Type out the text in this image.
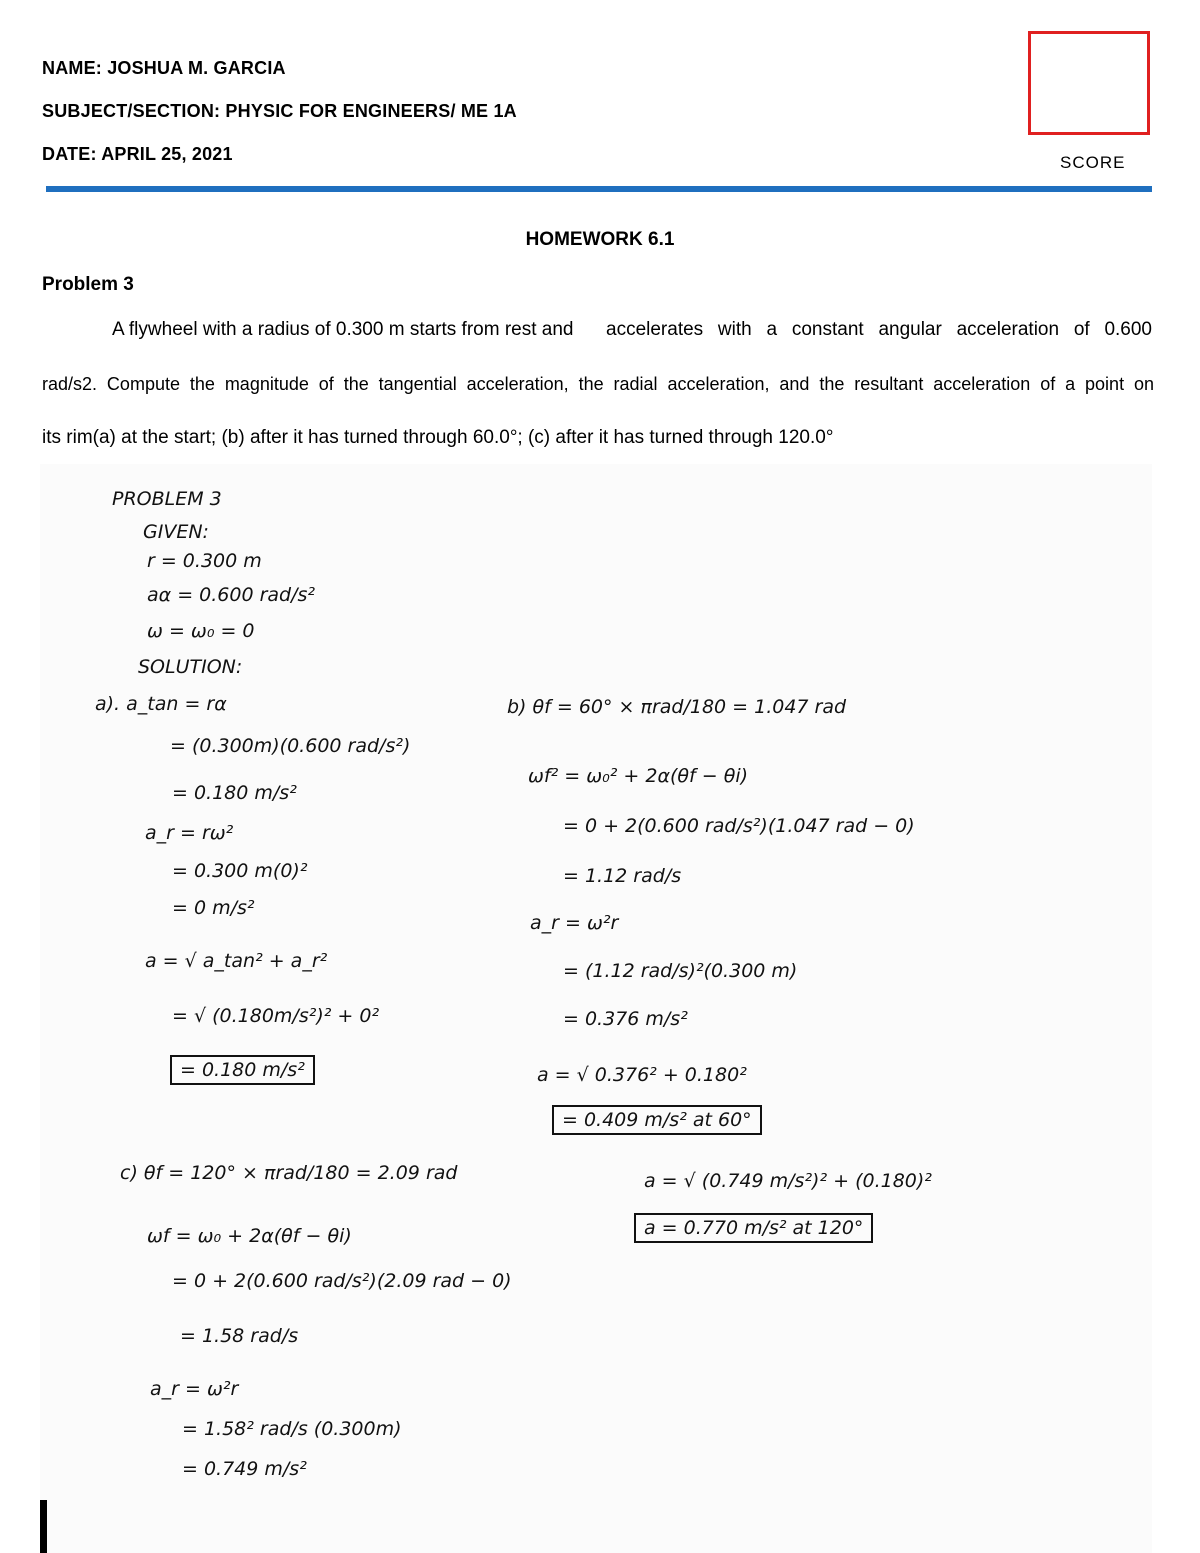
NAME: JOSHUA M. GARCIA
SUBJECT/SECTION: PHYSIC FOR ENGINEERS/ ME 1A
DATE: APRIL 25, 2021	SCORE
HOMEWORK 6.1
Problem 3
A flywheel with a radius of 0.300 m starts from rest and accelerates with a constant angular acceleration of 0.600
rad/s2. Compute the magnitude of the tangential acceleration, the radial acceleration, and the resultant acceleration of a point on
its rim(a) at the start; (b) after it has turned through 60.0°; (c) after it has turned through 120.0°
PROBLEM 3
GIVEN:
r = 0.300 m
aα = 0.600 rad/s²
ω = ω₀ = 0
SOLUTION:
a). a_tan = rα
= (0.300m)(0.600 rad/s²)
= 0.180 m/s²
a_r = rω²
= 0.300 m(0)²
= 0 m/s²
a = √ a_tan² + a_r²
= √ (0.180m/s²)² + 0²
= 0.180 m/s²
b) θf = 60° × πrad/180 = 1.047 rad
ωf² = ω₀² + 2α(θf − θi)
= 0 + 2(0.600 rad/s²)(1.047 rad − 0)
= 1.12 rad/s
a_r = ω²r
= (1.12 rad/s)²(0.300 m)
= 0.376 m/s²
a = √ 0.376² + 0.180²
= 0.409 m/s² at 60°
c) θf = 120° × πrad/180 = 2.09 rad
ωf = ω₀ + 2α(θf − θi)
= 0 + 2(0.600 rad/s²)(2.09 rad − 0)
= 1.58 rad/s
a_r = ω²r
= 1.58² rad/s (0.300m)
= 0.749 m/s²
a = √ (0.749 m/s²)² + (0.180)²
a = 0.770 m/s² at 120°
